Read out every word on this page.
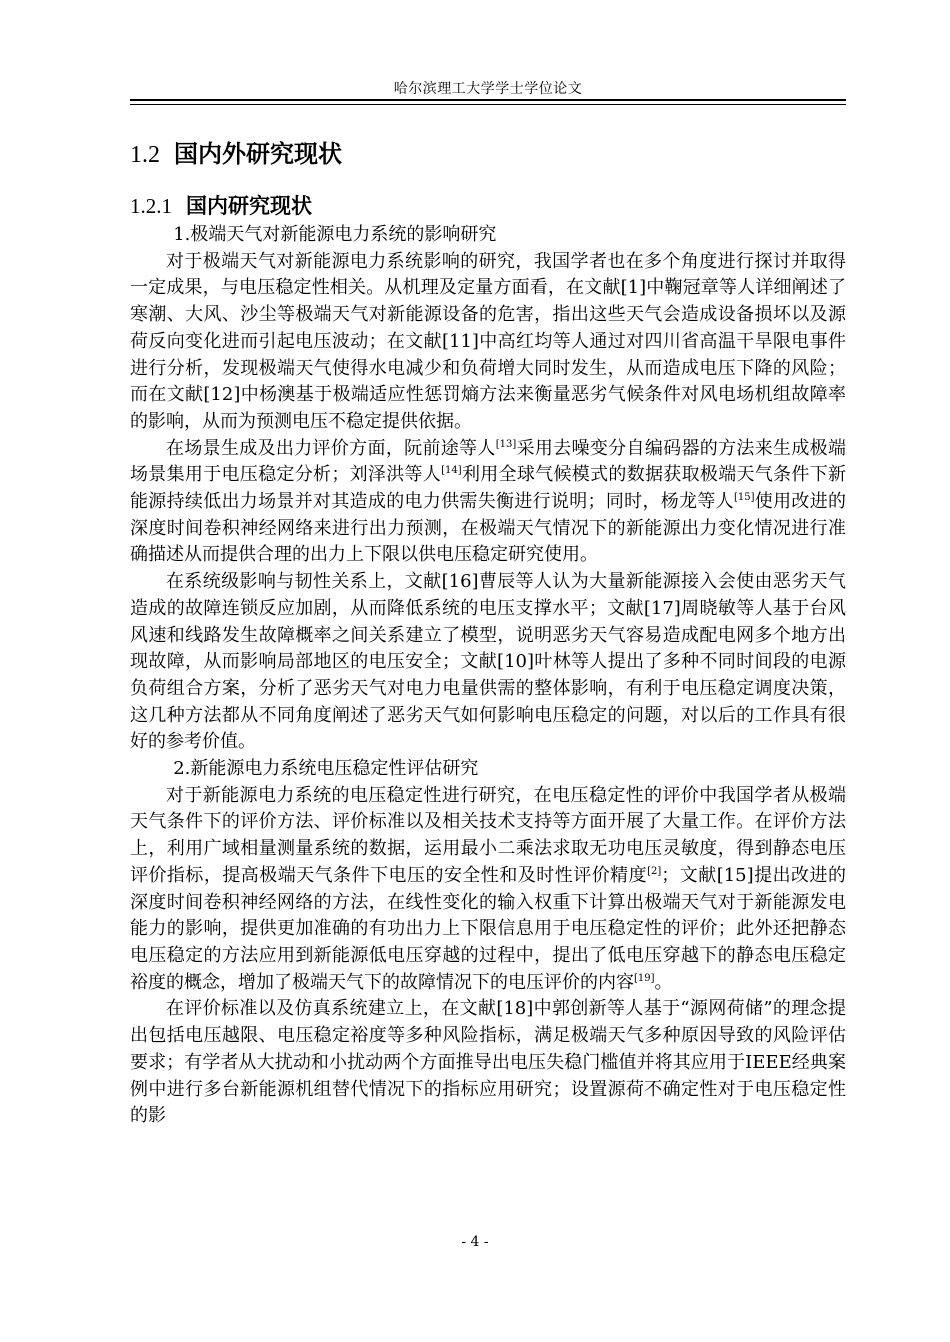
哈尔滨理工大学学士学位论文
1.2 国内外研究现状
1.2.1 国内研究现状

1.极端天气对新能源电力系统的影响研究

对于极端天气对新能源电力系统影响的研究，我国学者也在多个角度进行探讨并取得一定成果，与电压稳定性相关。从机理及定量方面看，在文献[1]中鞠冠章等人详细阐述了寒潮、大风、沙尘等极端天气对新能源设备的危害，指出这些天气会造成设备损坏以及源荷反向变化进而引起电压波动；在文献[11]中高红均等人通过对四川省高温干旱限电事件进行分析，发现极端天气使得水电减少和负荷增大同时发生，从而造成电压下降的风险；而在文献[12]中杨澳基于极端适应性惩罚熵方法来衡量恶劣气候条件对风电场机组故障率的影响，从而为预测电压不稳定提供依据。

在场景生成及出力评价方面，阮前途等人[13]采用去噪变分自编码器的方法来生成极端场景集用于电压稳定分析；刘泽洪等人[14]利用全球气候模式的数据获取极端天气条件下新能源持续低出力场景并对其造成的电力供需失衡进行说明；同时，杨龙等人[15]使用改进的深度时间卷积神经网络来进行出力预测，在极端天气情况下的新能源出力变化情况进行准确描述从而提供合理的出力上下限以供电压稳定研究使用。

在系统级影响与韧性关系上，文献[16]曹辰等人认为大量新能源接入会使由恶劣天气造成的故障连锁反应加剧，从而降低系统的电压支撑水平；文献[17]周晓敏等人基于台风风速和线路发生故障概率之间关系建立了模型，说明恶劣天气容易造成配电网多个地方出现故障，从而影响局部地区的电压安全；文献[10]叶林等人提出了多种不同时间段的电源负荷组合方案，分析了恶劣天气对电力电量供需的整体影响，有利于电压稳定调度决策，这几种方法都从不同角度阐述了恶劣天气如何影响电压稳定的问题，对以后的工作具有很好的参考价值。

2.新能源电力系统电压稳定性评估研究

对于新能源电力系统的电压稳定性进行研究，在电压稳定性的评价中我国学者从极端天气条件下的评价方法、评价标准以及相关技术支持等方面开展了大量工作。在评价方法上，利用广域相量测量系统的数据，运用最小二乘法求取无功电压灵敏度，得到静态电压评价指标，提高极端天气条件下电压的安全性和及时性评价精度[2]；文献[15]提出改进的深度时间卷积神经网络的方法，在线性变化的输入权重下计算出极端天气对于新能源发电能力的影响，提供更加准确的有功出力上下限信息用于电压稳定性的评价；此外还把静态电压稳定的方法应用到新能源低电压穿越的过程中，提出了低电压穿越下的静态电压稳定裕度的概念，增加了极端天气下的故障情况下的电压评价的内容[19]。

在评价标准以及仿真系统建立上，在文献[18]中郭创新等人基于“源网荷储”的理念提出包括电压越限、电压稳定裕度等多种风险指标，满足极端天气多种原因导致的风险评估要求；有学者从大扰动和小扰动两个方面推导出电压失稳门槛值并将其应用于IEEE经典案例中进行多台新能源机组替代情况下的指标应用研究；设置源荷不确定性对于电压稳定性的影

- 4 -
